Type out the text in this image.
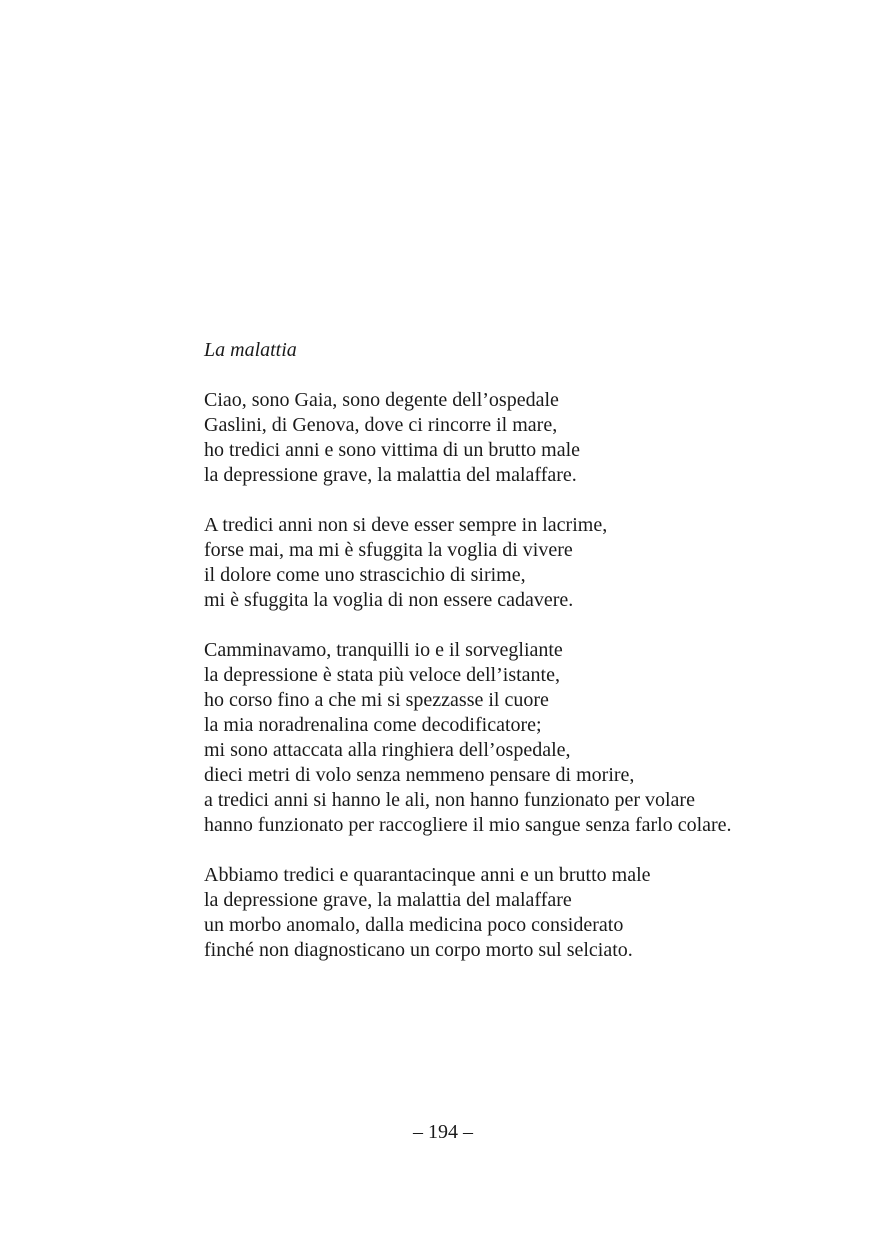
La malattia
Ciao, sono Gaia, sono degente dell’ospedale
Gaslini, di Genova, dove ci rincorre il mare,
ho tredici anni e sono vittima di un brutto male
la depressione grave, la malattia del malaffare.
A tredici anni non si deve esser sempre in lacrime,
forse mai, ma mi è sfuggita la voglia di vivere
il dolore come uno strascichio di sirime,
mi è sfuggita la voglia di non essere cadavere.
Camminavamo, tranquilli io e il sorvegliante
la depressione è stata più veloce dell’istante,
ho corso fino a che mi si spezzasse il cuore
la mia noradrenalina come decodificatore;
mi sono attaccata alla ringhiera dell’ospedale,
dieci metri di volo senza nemmeno pensare di morire,
a tredici anni si hanno le ali, non hanno funzionato per volare
hanno funzionato per raccogliere il mio sangue senza farlo colare.
Abbiamo tredici e quarantacinque anni e un brutto male
la depressione grave, la malattia del malaffare
un morbo anomalo, dalla medicina poco considerato
finché non diagnosticano un corpo morto sul selciato.
– 194 –
